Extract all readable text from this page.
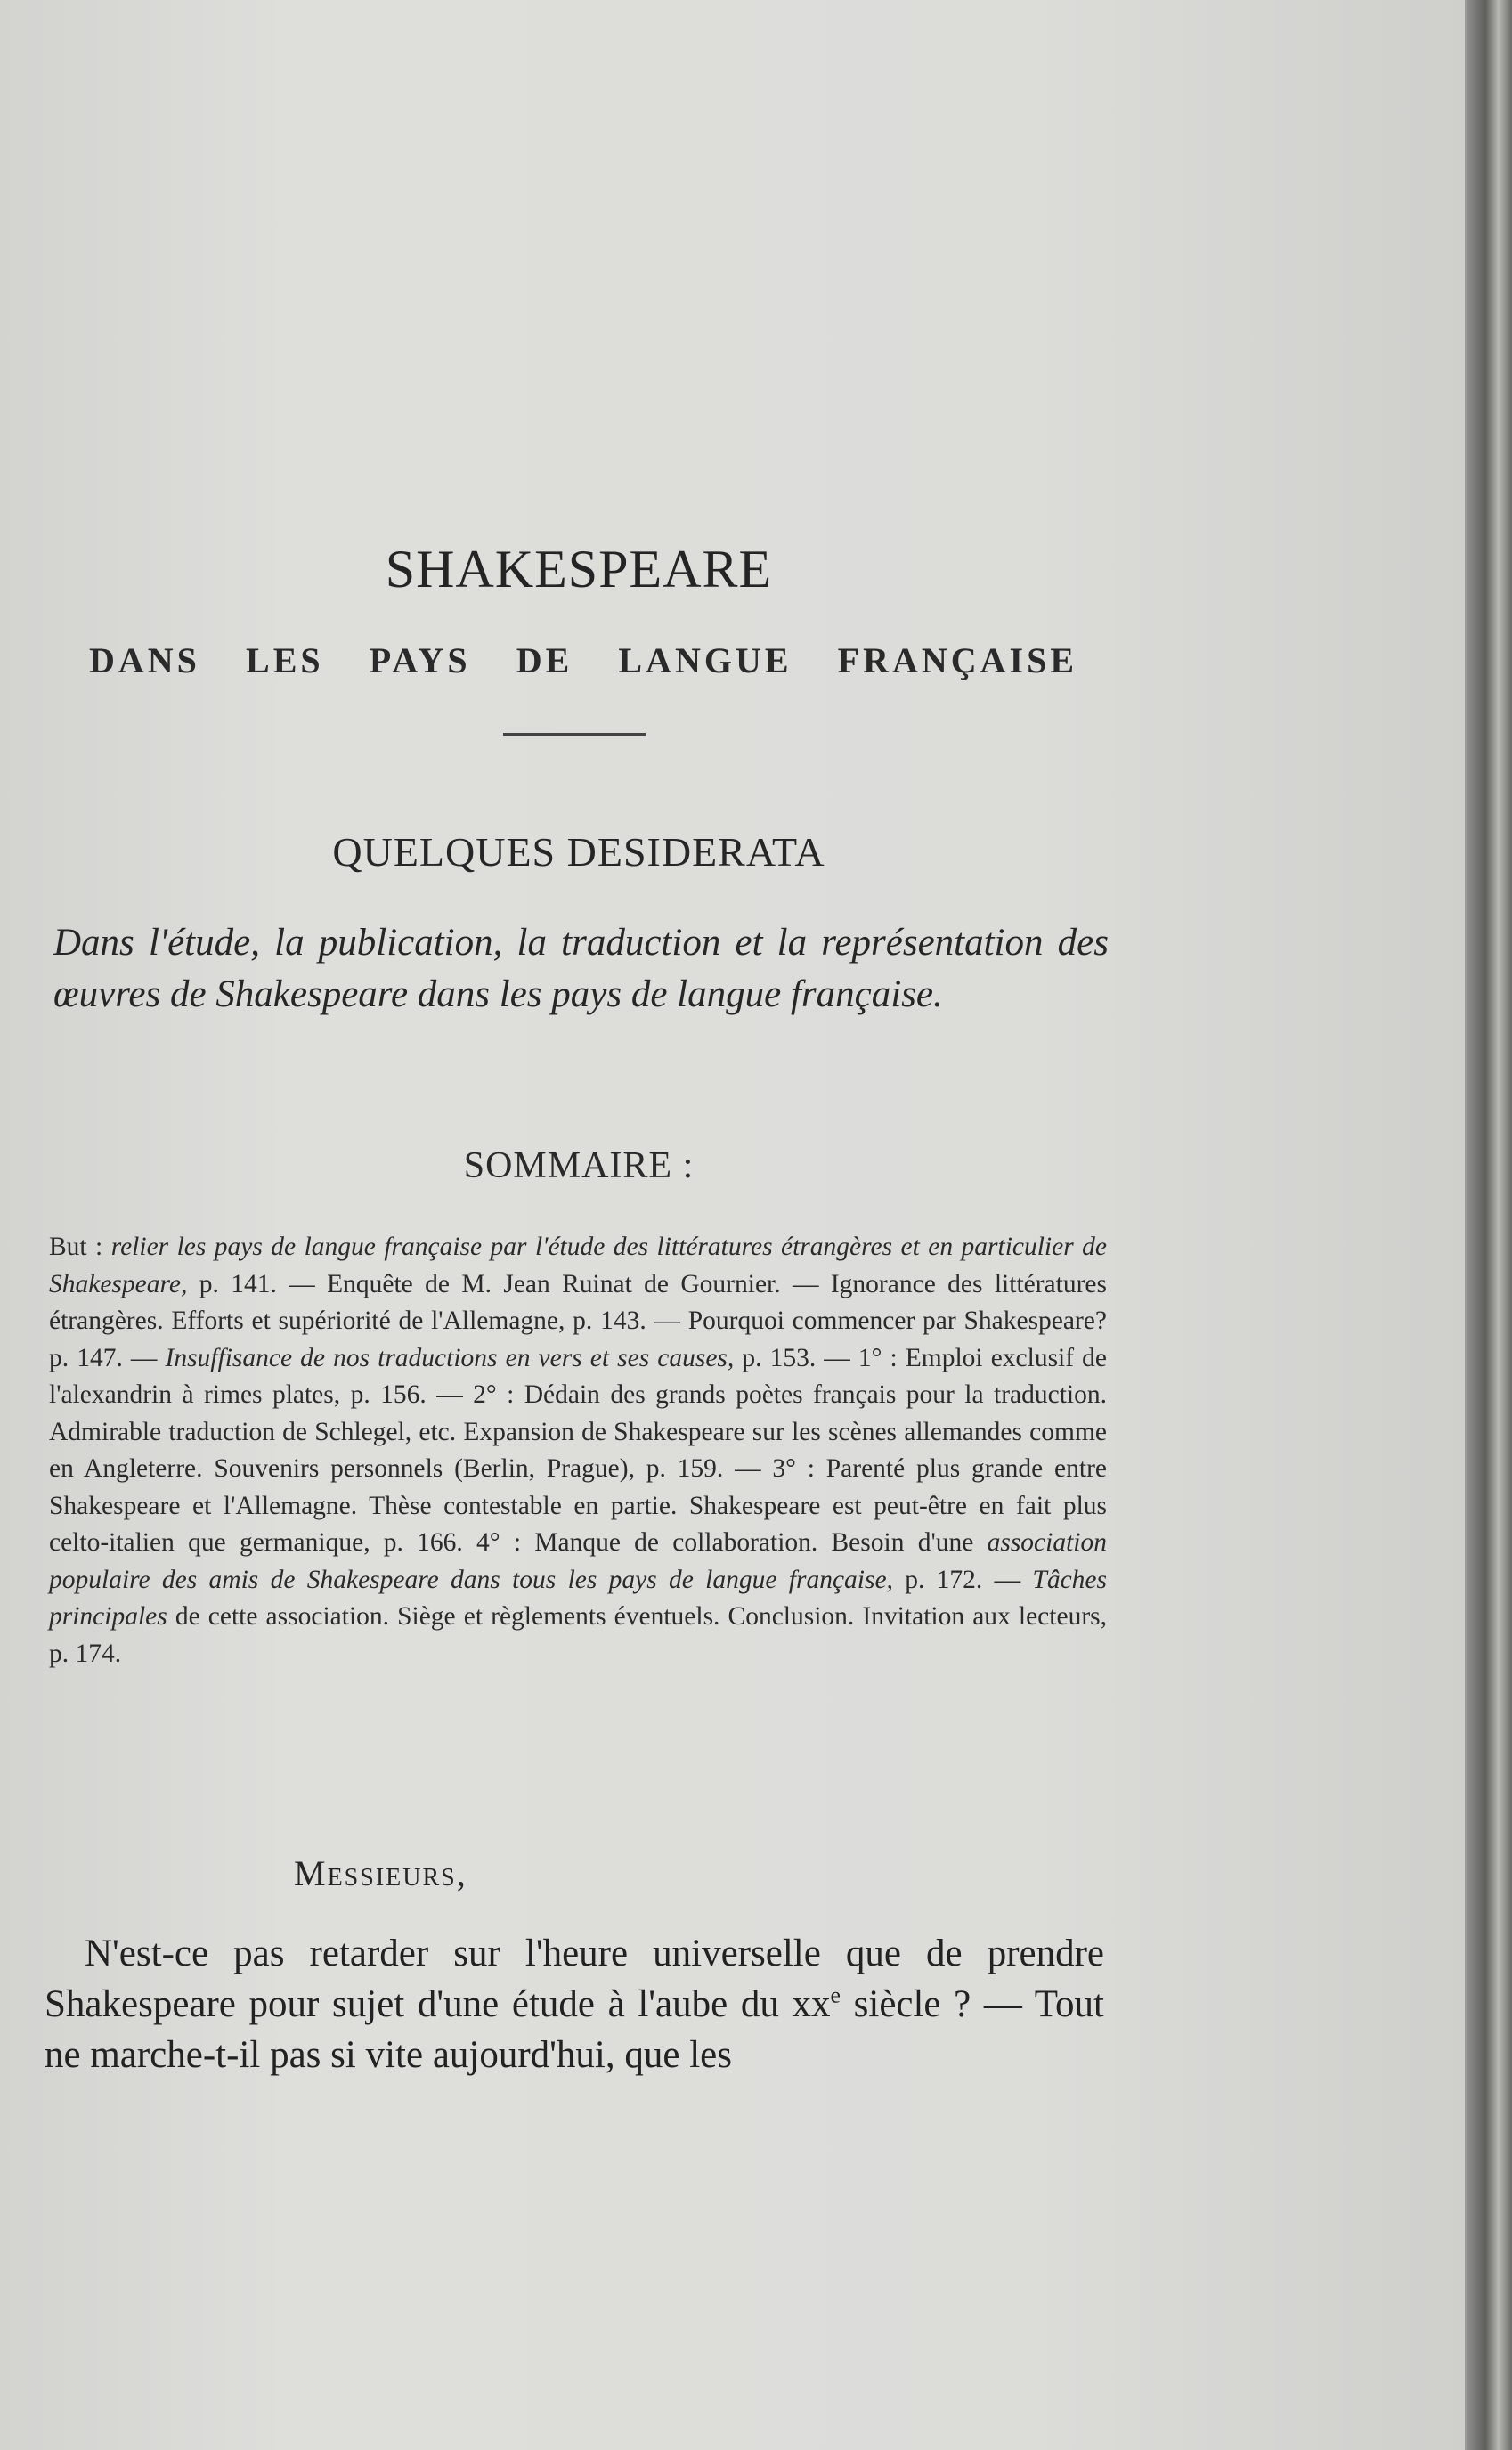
SHAKESPEARE
DANS LES PAYS DE LANGUE FRANÇAISE
QUELQUES DESIDERATA
Dans l'étude, la publication, la traduction et la représentation des œuvres de Shakespeare dans les pays de langue française.
SOMMAIRE :
But : relier les pays de langue française par l'étude des littératures étrangères et en particulier de Shakespeare, p. 141. — Enquête de M. Jean Ruinat de Gournier. — Ignorance des littératures étrangères. Efforts et supériorité de l'Allemagne, p. 143. — Pourquoi commencer par Shakespeare? p. 147. — Insuffisance de nos traductions en vers et ses causes, p. 153. — 1° : Emploi exclusif de l'alexandrin à rimes plates, p. 156. — 2° : Dédain des grands poètes français pour la traduction. Admirable traduction de Schlegel, etc. Expansion de Shakespeare sur les scènes allemandes comme en Angleterre. Souvenirs personnels (Berlin, Prague), p. 159. — 3° : Parenté plus grande entre Shakespeare et l'Allemagne. Thèse contestable en partie. Shakespeare est peut-être en fait plus celto-italien que germanique, p. 166. 4° : Manque de collaboration. Besoin d'une association populaire des amis de Shakespeare dans tous les pays de langue française, p. 172. — Tâches principales de cette association. Siège et règlements éventuels. Conclusion. Invitation aux lecteurs, p. 174.
Messieurs,
N'est-ce pas retarder sur l'heure universelle que de prendre Shakespeare pour sujet d'une étude à l'aube du $xx^e$ siècle ? — Tout ne marche-t-il pas si vite aujourd'hui, que les
